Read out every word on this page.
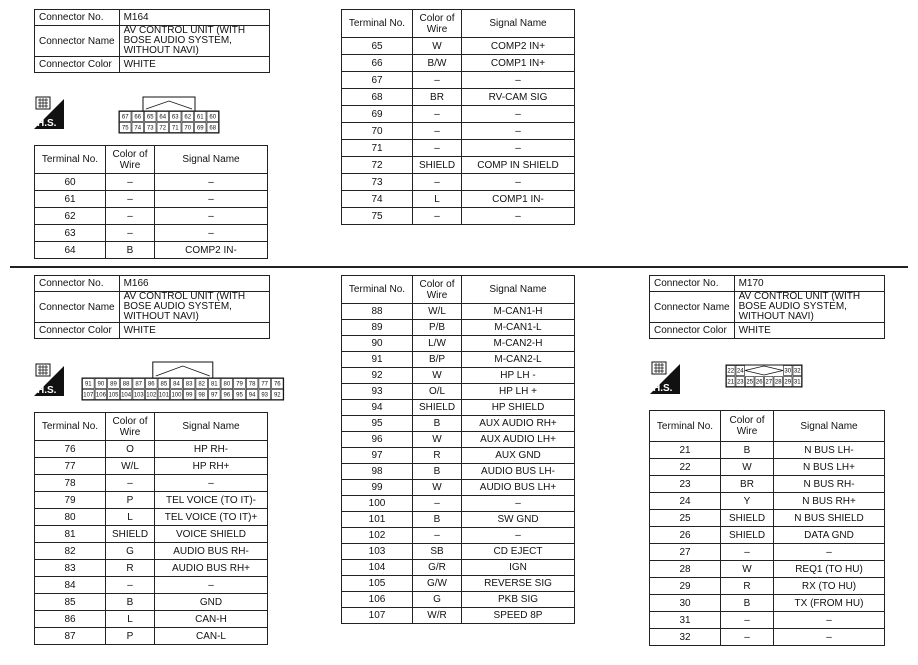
Connector No.	M164
Connector Name	AV CONTROL UNIT (WITH BOSE AUDIO SYSTEM, WITHOUT NAVI)
Connector Color	WHITE
H.S.
67 66 65 64 63 62 61 60
75 74 73 72 71 70 69 68
Terminal No.	Color of Wire	Signal Name
60	–	–
61	–	–
62	–	–
63	–	–
64	B	COMP2 IN-
Terminal No.	Color of Wire	Signal Name
65	W	COMP2 IN+
66	B/W	COMP1 IN+
67	–	–
68	BR	RV-CAM SIG
69	–	–
70	–	–
71	–	–
72	SHIELD	COMP IN SHIELD
73	–	–
74	L	COMP1 IN-
75	–	–
Connector No.	M166
Connector Name	AV CONTROL UNIT (WITH BOSE AUDIO SYSTEM, WITHOUT NAVI)
Connector Color	WHITE
H.S.
91 90 89 88 87 86 85 84 83 82 81 80 79 78 77 76
107 106 105 104 103 102 101 100 99 98 97 96 95 94 93 92
Terminal No.	Color of Wire	Signal Name
76	O	HP RH-
77	W/L	HP RH+
78	–	–
79	P	TEL VOICE (TO IT)-
80	L	TEL VOICE (TO IT)+
81	SHIELD	VOICE SHIELD
82	G	AUDIO BUS RH-
83	R	AUDIO BUS RH+
84	–	–
85	B	GND
86	L	CAN-H
87	P	CAN-L
Terminal No.	Color of Wire	Signal Name
88	W/L	M-CAN1-H
89	P/B	M-CAN1-L
90	L/W	M-CAN2-H
91	B/P	M-CAN2-L
92	W	HP LH -
93	O/L	HP LH +
94	SHIELD	HP SHIELD
95	B	AUX AUDIO RH+
96	W	AUX AUDIO LH+
97	R	AUX GND
98	B	AUDIO BUS LH-
99	W	AUDIO BUS LH+
100	–	–
101	B	SW GND
102	–	–
103	SB	CD EJECT
104	G/R	IGN
105	G/W	REVERSE SIG
106	G	PKB SIG
107	W/R	SPEED 8P
Connector No.	M170
Connector Name	AV CONTROL UNIT (WITH BOSE AUDIO SYSTEM, WITHOUT NAVI)
Connector Color	WHITE
H.S.
22 24	30 32
21 23 25 26 27 28 29 31
Terminal No.	Color of Wire	Signal Name
21	B	N BUS LH-
22	W	N BUS LH+
23	BR	N BUS RH-
24	Y	N BUS RH+
25	SHIELD	N BUS SHIELD
26	SHIELD	DATA GND
27	–	–
28	W	REQ1 (TO HU)
29	R	RX (TO HU)
30	B	TX (FROM HU)
31	–	–
32	–	–
